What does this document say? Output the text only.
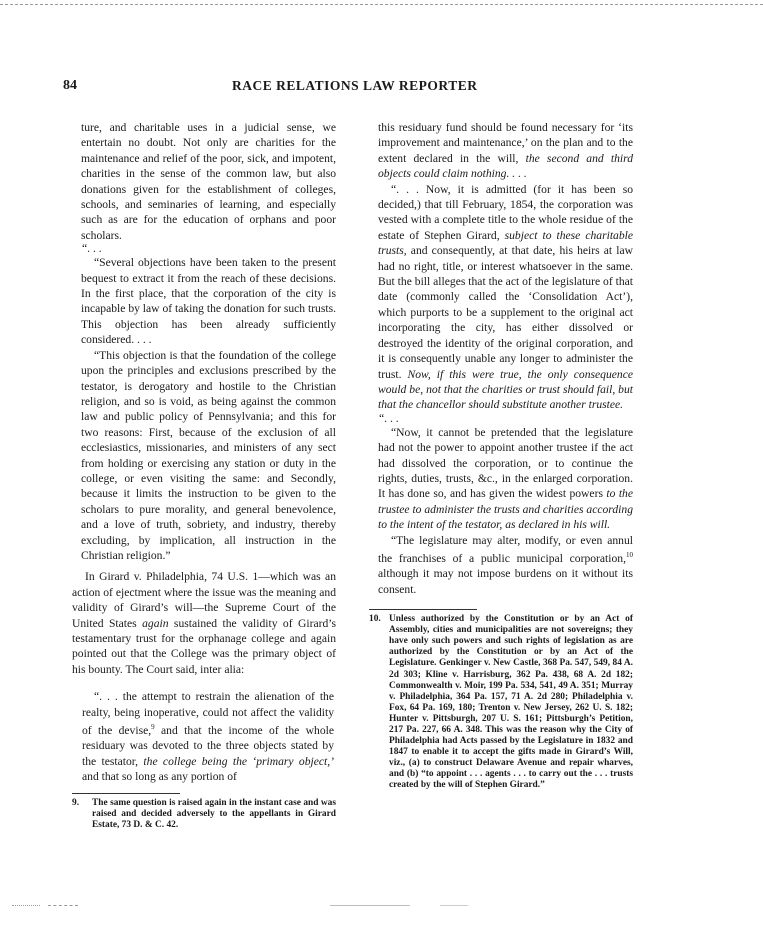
84	RACE RELATIONS LAW REPORTER

ture, and charitable uses in a judicial sense, we entertain no doubt. Not only are charities for the maintenance and relief of the poor, sick, and impotent, charities in the sense of the common law, but also donations given for the establishment of colleges, schools, and seminaries of learning, and especially such as are for the education of orphans and poor scholars.

“. . .

“Several objections have been taken to the present bequest to extract it from the reach of these decisions. In the first place, that the corporation of the city is incapable by law of taking the donation for such trusts. This objection has been already sufficiently considered. . . .

“This objection is that the foundation of the college upon the principles and exclusions prescribed by the testator, is derogatory and hostile to the Christian religion, and so is void, as being against the common law and public policy of Pennsylvania; and this for two reasons: First, because of the exclusion of all ecclesiastics, missionaries, and ministers of any sect from holding or exercising any station or duty in the college, or even visiting the same: and Secondly, because it limits the instruction to be given to the scholars to pure morality, and general benevolence, and a love of truth, sobriety, and industry, thereby excluding, by implication, all instruction in the Christian religion.”

In Girard v. Philadelphia, 74 U.S. 1—which was an action of ejectment where the issue was the meaning and validity of Girard’s will—the Supreme Court of the United States again sustained the validity of Girard’s testamentary trust for the orphanage college and again pointed out that the College was the primary object of his bounty. The Court said, inter alia:

“. . . the attempt to restrain the alienation of the realty, being inoperative, could not affect the validity of the devise,$^9$ and that the income of the whole residuary was devoted to the three objects stated by the testator, the college being the ‘primary object,’ and that so long as any portion of

9.	The same question is raised again in the instant case and was raised and decided adversely to the appellants in Girard Estate, 73 D. & C. 42.

this residuary fund should be found necessary for ‘its improvement and maintenance,’ on the plan and to the extent declared in the will, the second and third objects could claim nothing. . . .

“. . . Now, it is admitted (for it has been so decided,) that till February, 1854, the corporation was vested with a complete title to the whole residue of the estate of Stephen Girard, subject to these charitable trusts, and consequently, at that date, his heirs at law had no right, title, or interest whatsoever in the same. But the bill alleges that the act of the legislature of that date (commonly called the ‘Consolidation Act’), which purports to be a supplement to the original act incorporating the city, has either dissolved or destroyed the identity of the original corporation, and it is consequently unable any longer to administer the trust. Now, if this were true, the only consequence would be, not that the charities or trust should fail, but that the chancellor should substitute another trustee.

“. . .

“Now, it cannot be pretended that the legislature had not the power to appoint another trustee if the act had dissolved the corporation, or to continue the rights, duties, trusts, &c., in the enlarged corporation. It has done so, and has given the widest powers to the trustee to administer the trusts and charities according to the intent of the testator, as declared in his will.

“The legislature may alter, modify, or even annul the franchises of a public municipal corporation,$^{10}$ although it may not impose burdens on it without its consent.

10. Unless authorized by the Constitution or by an Act of Assembly, cities and municipalities are not sovereigns; they have only such powers and such rights of legislation as are authorized by the Constitution or by an Act of the Legislature. Genkinger v. New Castle, 368 Pa. 547, 549, 84 A. 2d 303; Kline v. Harrisburg, 362 Pa. 438, 68 A. 2d 182; Commonwealth v. Moir, 199 Pa. 534, 541, 49 A. 351; Murray v. Philadelphia, 364 Pa. 157, 71 A. 2d 280; Philadelphia v. Fox, 64 Pa. 169, 180; Trenton v. New Jersey, 262 U. S. 182; Hunter v. Pittsburgh, 207 U. S. 161; Pittsburgh’s Petition, 217 Pa. 227, 66 A. 348. This was the reason why the City of Philadelphia had Acts passed by the Legislature in 1832 and 1847 to enable it to accept the gifts made in Girard’s Will, viz., (a) to construct Delaware Avenue and repair wharves, and (b) “to appoint . . . agents . . . to carry out the . . . trusts created by the will of Stephen Girard.”
